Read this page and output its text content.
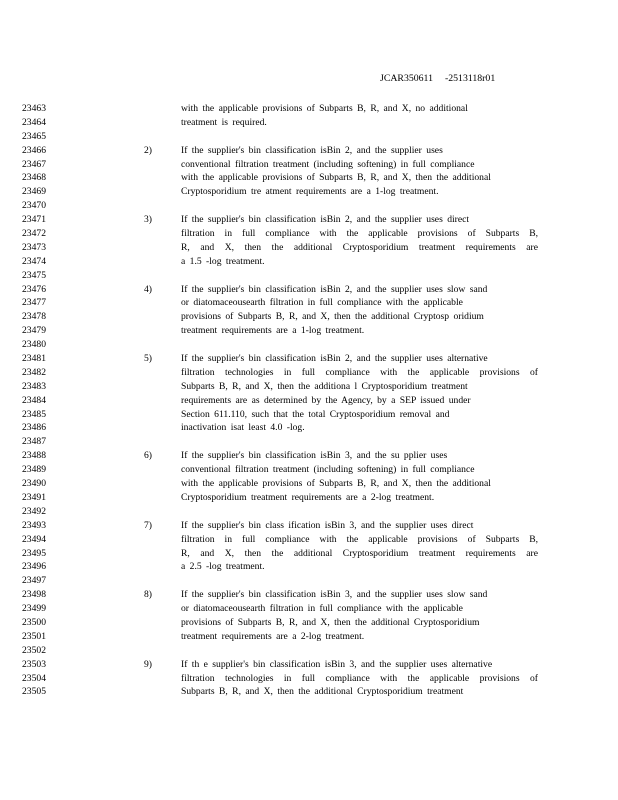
JCAR350611 -2513118r01
23463	with the applicable provisions of Subparts B, R, and X, no additional
23464	treatment is required.
23465
23466	2)	If the supplier's bin classification isBin 2, and the supplier uses
23467	conventional filtration treatment (including softening) in full compliance
23468	with the applicable provisions of Subparts B, R, and X, then the additional
23469	Cryptosporidium tre atment requirements are a 1-log treatment.
23470
23471	3)	If the supplier's bin classification isBin 2, and the supplier uses direct
23472	filtration in full compliance with the applicable provisions of Subparts B,
23473	R, and X, then the additional Cryptosporidium treatment requirements are
23474	a 1.5 -log treatment.
23475
23476	4)	If the supplier's bin classification isBin 2, and the supplier uses slow sand
23477	or diatomaceousearth filtration in full compliance with the applicable
23478	provisions of Subparts B, R, and X, then the additional Cryptosp oridium
23479	treatment requirements are a 1-log treatment.
23480
23481	5)	If the supplier's bin classification isBin 2, and the supplier uses alternative
23482	filtration technologies in full compliance with the applicable provisions of
23483	Subparts B, R, and X, then the additiona l Cryptosporidium treatment
23484	requirements are as determined by the Agency, by a SEP issued under
23485	Section 611.110, such that the total Cryptosporidium removal and
23486	inactivation isat least 4.0 -log.
23487
23488	6)	If the supplier's bin classification isBin 3, and the su pplier uses
23489	conventional filtration treatment (including softening) in full compliance
23490	with the applicable provisions of Subparts B, R, and X, then the additional
23491	Cryptosporidium treatment requirements are a 2-log treatment.
23492
23493	7)	If the supplier's bin class ification isBin 3, and the supplier uses direct
23494	filtration in full compliance with the applicable provisions of Subparts B,
23495	R, and X, then the additional Cryptosporidium treatment requirements are
23496	a 2.5 -log treatment.
23497
23498	8)	If the supplier's bin classification isBin 3, and the supplier uses slow sand
23499	or diatomaceousearth filtration in full compliance with the applicable
23500	provisions of Subparts B, R, and X, then the additional Cryptosporidium
23501	treatment requirements are a 2-log treatment.
23502
23503	9)	If th e supplier's bin classification isBin 3, and the supplier uses alternative
23504	filtration technologies in full compliance with the applicable provisions of
23505	Subparts B, R, and X, then the additional Cryptosporidium treatment
